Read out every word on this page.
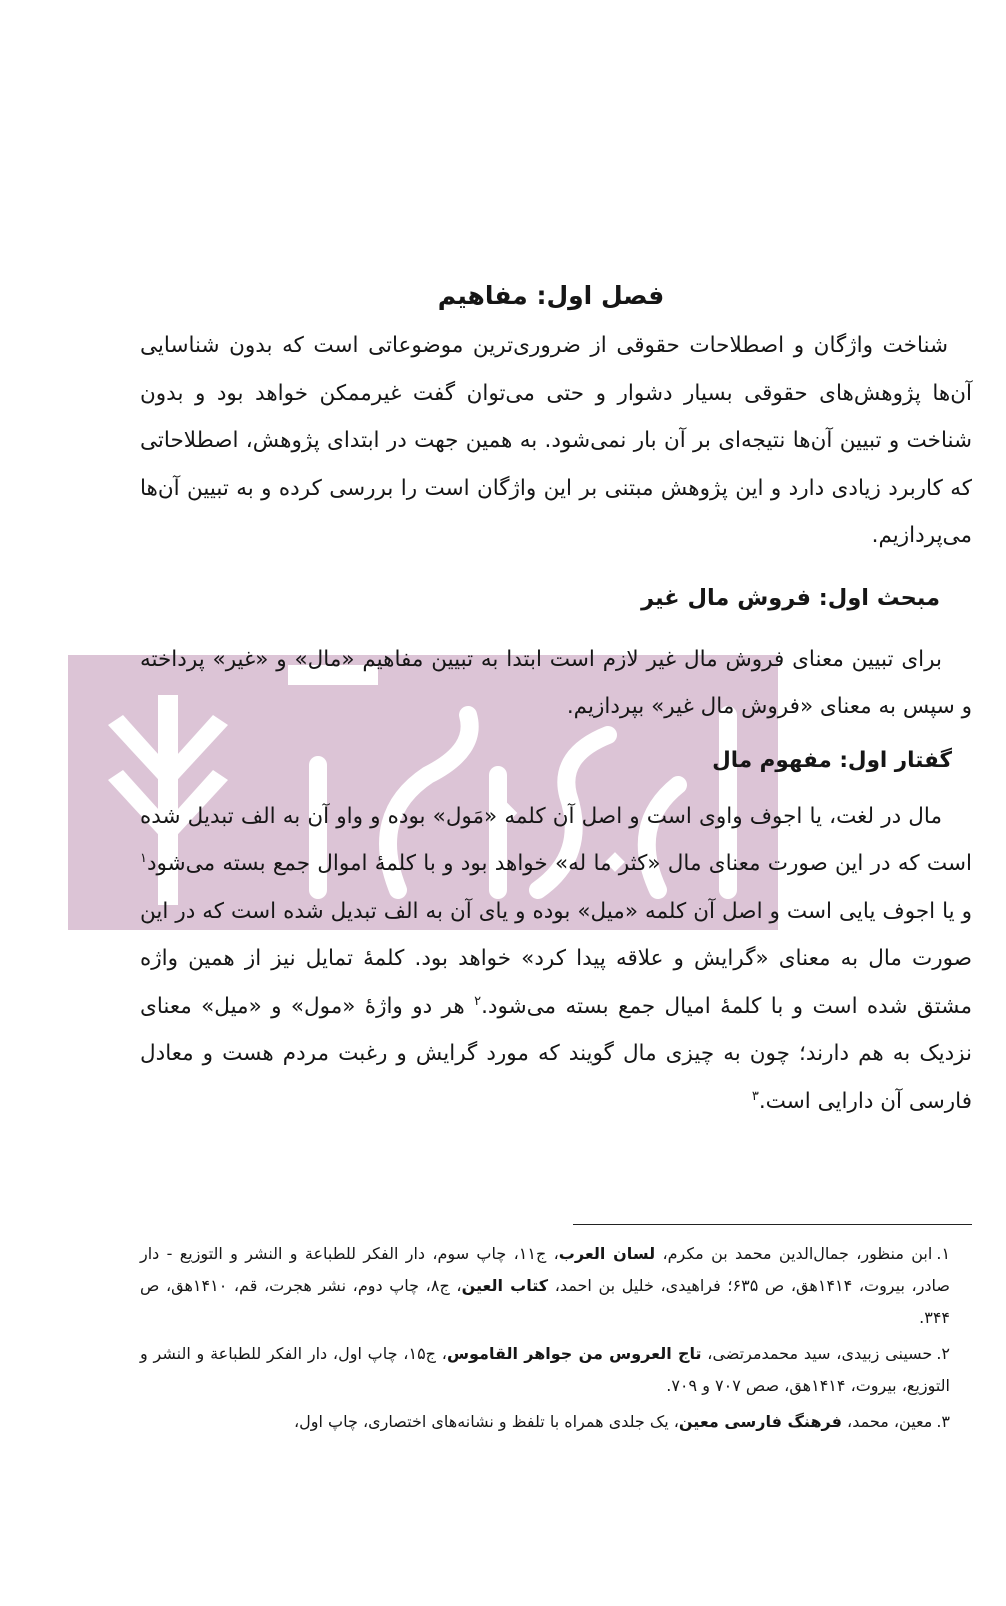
فصل اول: مفاهیم

شناخت واژگان و اصطلاحات حقوقی از ضروری‌ترین موضوعاتی است که بدون شناسایی آن‌ها پژوهش‌های حقوقی بسیار دشوار و حتی می‌توان گفت غیرممکن خواهد بود و بدون شناخت و تبیین آن‌ها نتیجه‌ای بر آن بار نمی‌شود. به همین جهت در ابتدای پژوهش، اصطلاحاتی که کاربرد زیادی دارد و این پژوهش مبتنی بر این واژگان است را بررسی کرده و به تبیین آن‌ها می‌پردازیم.

مبحث اول: فروش مال غیر

برای تبیین معنای فروش مال غیر لازم است ابتدا به تبیین مفاهیم «مال» و «غیر» پرداخته و سپس به معنای «فروش مال غیر» بپردازیم.

گفتار اول: مفهوم مال

مال در لغت، یا اجوف واوی است و اصل آن کلمه «مَول» بوده و واو آن به الف تبدیل شده است که در این صورت معنای مال «کثر ما له» خواهد بود و با کلمهٔ اموال جمع بسته می‌شود$^۱$ و یا اجوف یایی است و اصل آن کلمه «میل» بوده و یای آن به الف تبدیل شده است که در این صورت مال به معنای «گرایش و علاقه پیدا کرد» خواهد بود. کلمهٔ تمایل نیز از همین واژه مشتق شده است و با کلمهٔ امیال جمع بسته می‌شود.$^۲$ هر دو واژهٔ «مول» و «میل» معنای نزدیک به هم دارند؛ چون به چیزی مال گویند که مورد گرایش و رغبت مردم هست و معادل فارسی آن دارایی است.$^۳$

۱.ابن منظور، جمال‌الدین محمد بن مکرم، لسان العرب، ج۱۱، چاپ سوم، دار الفکر للطباعة و النشر و التوزیع - دار صادر، بیروت، ۱۴۱۴هق، ص ۶۳۵؛ فراهیدی، خلیل بن احمد، کتاب العین، ج۸، چاپ دوم، نشر هجرت، قم، ۱۴۱۰هق، ص ۳۴۴.

۲.حسینی زبیدی، سید محمدمرتضی، تاج العروس من جواهر القاموس، ج۱۵، چاپ اول، دار الفکر للطباعة و النشر و التوزیع، بیروت، ۱۴۱۴هق، صص ۷۰۷ و ۷۰۹.

۳.معین، محمد، فرهنگ فارسی معین، یک جلدی همراه با تلفظ و نشانه‌های اختصاری، چاپ اول،
